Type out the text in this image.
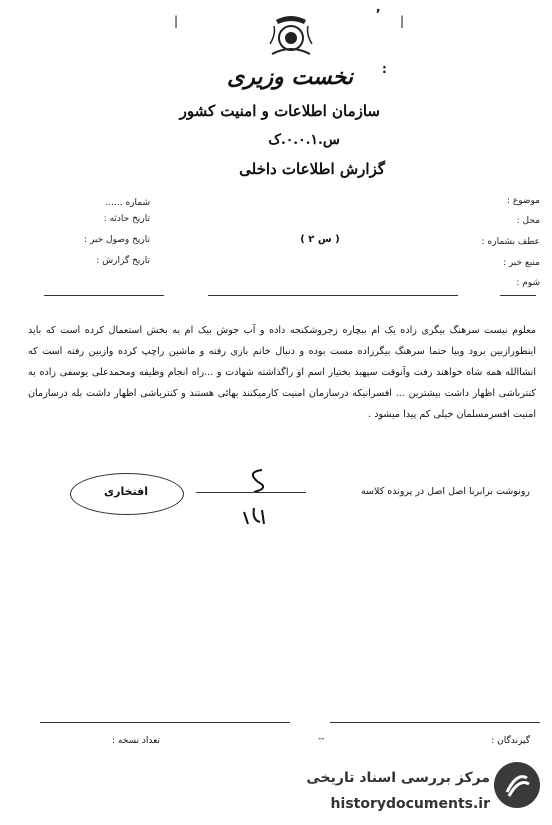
,
|	|
:
نخست وزیری
سازمان اطلاعات و امنیت کشور
س.۰.۰.۱.ک
گزارش اطلاعات داخلی
شماره ......
تاریخ حادثه :
تاریخ وصول خبر :
تاریخ گزارش :
موضوع :
محل :
عطف بشماره :
منبع خبر :
شوم :
( س ۲ )
معلوم نیست سرهنگ بیگری زاده یک ام بیچاره زجروشکنجه داده و آب جوش بیک ام به بخش استعمال کرده است که باید اینطورازبین برود وبیا حتما سرهنگ بیگرزاده مست بوده و دنبال خانم بازی رفته و ماشین راچپ کرده وازبین رفته است که انشاالله همه شاه خواهند رفت وآنوقت سپهبد بختیار اسم او راگذاشته شهادت و ...راه انجام وظیفه ومحمدعلی یوسفی زاده به کنترباشی اظهار داشت بیشترین ... افسرانیکه درسازمان امنیت کارمیکنند بهائی هستند و کنترباشی اظهار داشت بله درسازمان امنیت افسرمسلمان خیلی کم پیدا میشود .
افتخاری	رونوشت برابربا اصل اصل در پرونده کلاسه
تعداد نسخه :	گیرندگان :
--
مرکز بررسی اسناد تاریخی
historydocuments.ir
